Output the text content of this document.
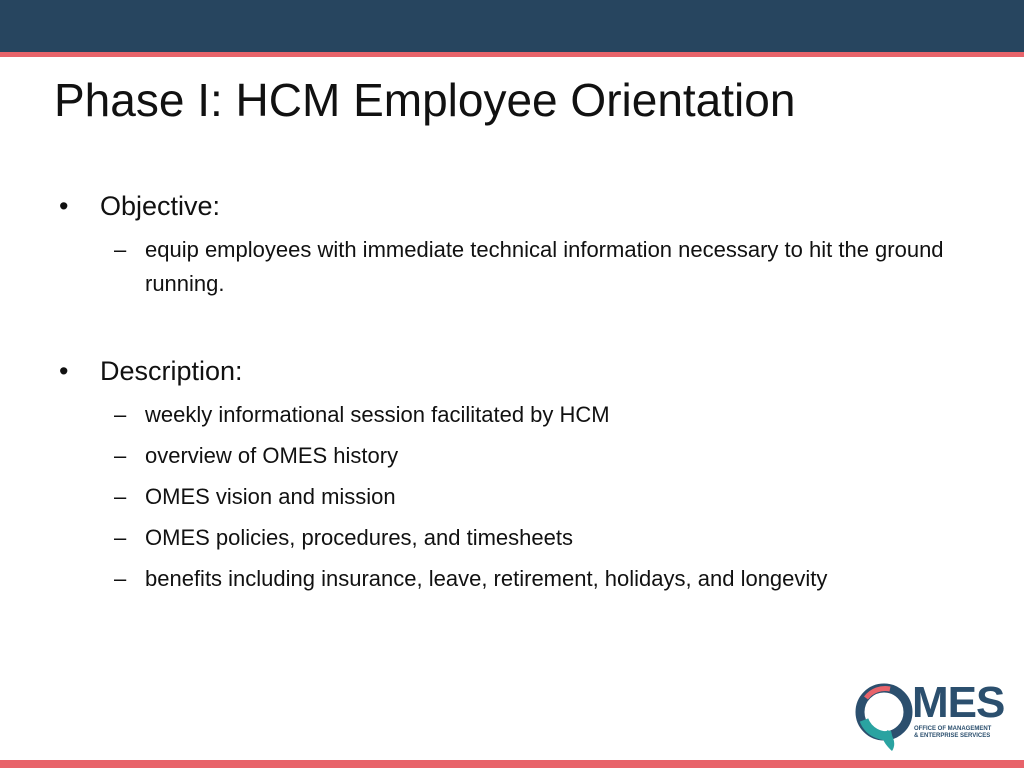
Phase I: HCM Employee Orientation
• Objective:
– equip employees with immediate technical information necessary to hit the ground running.
• Description:
– weekly informational session facilitated by HCM
– overview of OMES history
– OMES vision and mission
– OMES policies, procedures, and timesheets
– benefits including insurance, leave, retirement, holidays, and longevity
MES
OFFICE OF MANAGEMENT
& ENTERPRISE SERVICES
